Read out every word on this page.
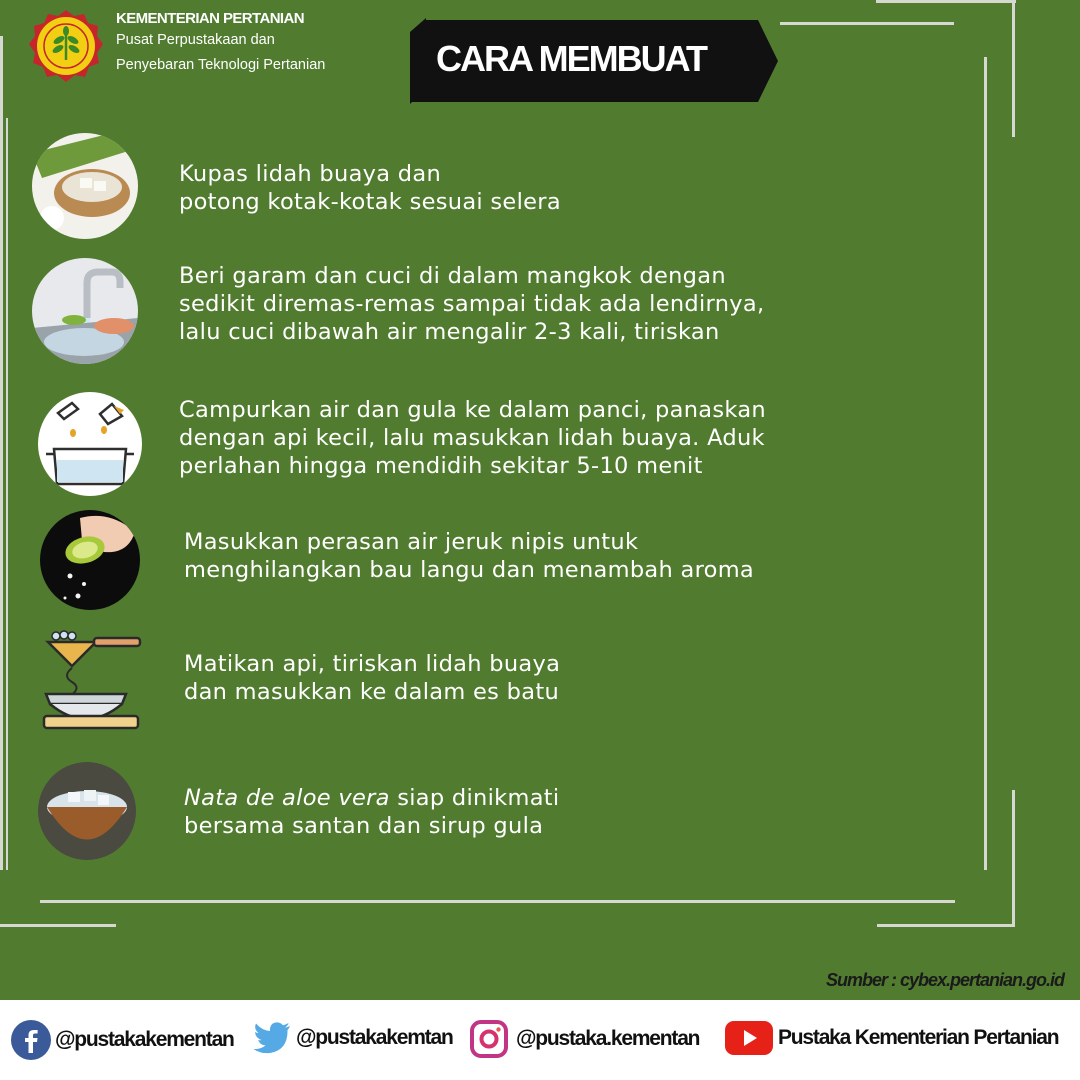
KEMENTERIAN PERTANIAN
Pusat Perpustakaan dan
Penyebaran Teknologi Pertanian	CARA MEMBUAT
Kupas lidah buaya dan
potong kotak-kotak sesuai selera
Beri garam dan cuci di dalam mangkok dengan
sedikit diremas-remas sampai tidak ada lendirnya,
lalu cuci dibawah air mengalir 2-3 kali, tiriskan
Campurkan air dan gula ke dalam panci, panaskan
dengan api kecil, lalu masukkan lidah buaya. Aduk
perlahan hingga mendidih sekitar 5-10 menit
Masukkan perasan air jeruk nipis untuk
menghilangkan bau langu dan menambah aroma
Matikan api, tiriskan lidah buaya
dan masukkan ke dalam es batu
Nata de aloe vera siap dinikmati
bersama santan dan sirup gula
Sumber : cybex.pertanian.go.id
@pustakakementan	@pustakakemtan	@pustaka.kementan	Pustaka Kementerian Pertanian
